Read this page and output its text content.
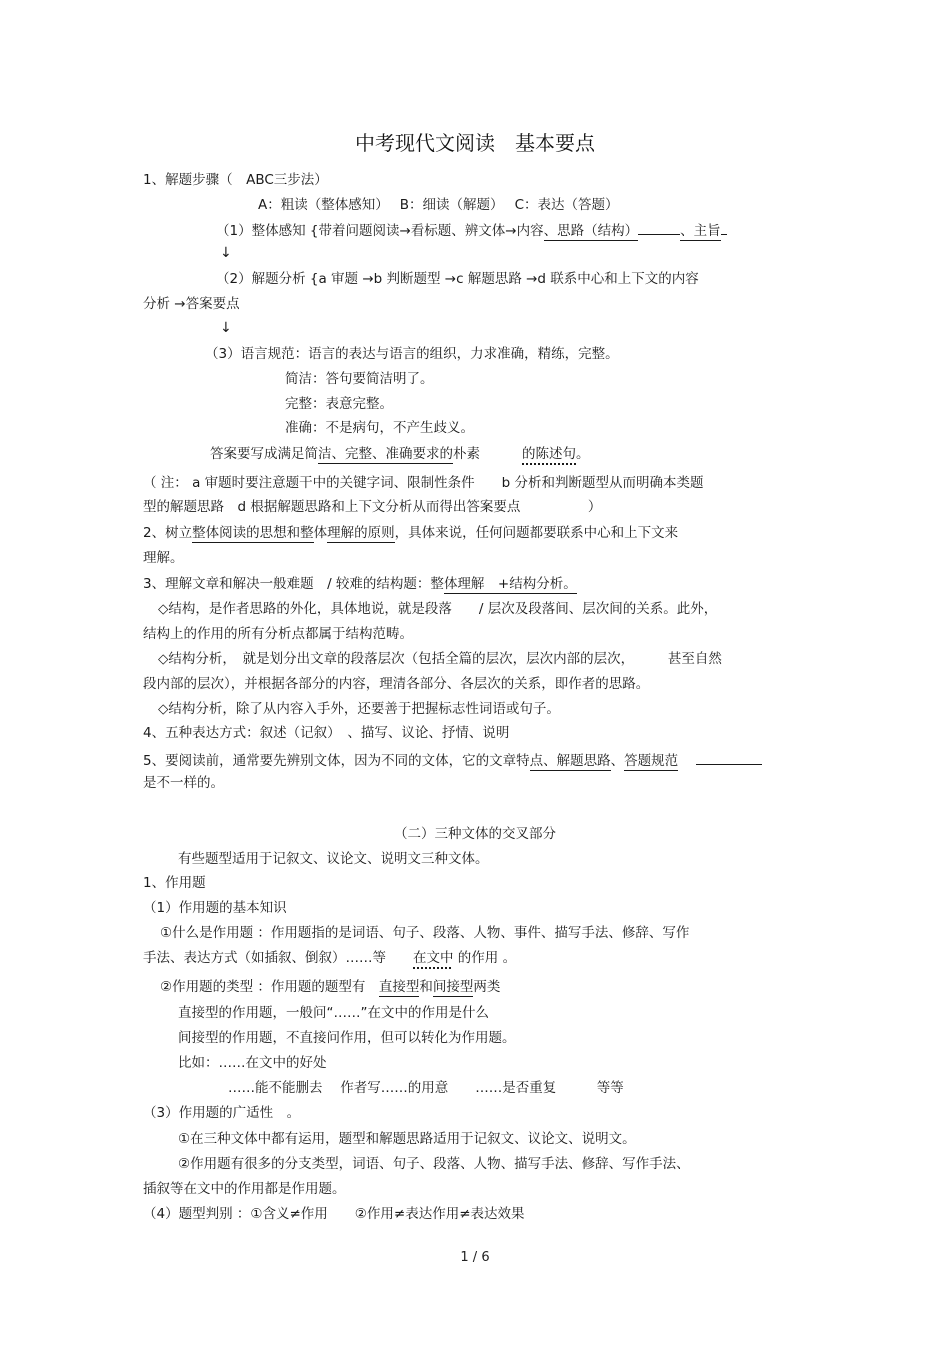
中考现代文阅读　基本要点
1、解题步骤（　ABC三步法）
A：粗读（整体感知）　 B：细读（解题）　 C：表达（答题）
（1）整体感知 {带着问题阅读→看标题、辨文体→内容、思路（结构）	、主旨
↓
（2）解题分析 {a 审题 →b 判断题型 →c 解题思路 →d 联系中心和上下文的内容
分析 →答案要点
↓
（3）语言规范：语言的表达与语言的组织，力求准确，精练，完整。
简洁：答句要简洁明了。
完整：表意完整。
准确：不是病句，不产生歧义。
答案要写成满足简洁、完整、准确要求的朴素	的陈述句。
（ 注： a 审题时要注意题干中的关键字词、限制性条件　　b 分析和判断题型从而明确本类题
型的解题思路　d 根据解题思路和上下文分析从而得出答案要点　　　　　）
2、树立整体阅读的思想和整体理解的原则，具体来说，任何问题都要联系中心和上下文来
理解。
3、理解文章和解决一般难题　/ 较难的结构题：整体理解　+结构分析。
◇结构，是作者思路的外化，具体地说，就是段落　　/ 层次及段落间、层次间的关系。此外，
结构上的作用的所有分析点都属于结构范畴。
◇结构分析，　就是划分出文章的段落层次（包括全篇的层次，层次内部的层次，　　　甚至自然
段内部的层次），并根据各部分的内容，理清各部分、各层次的关系，即作者的思路。
◇结构分析，除了从内容入手外，还要善于把握标志性词语或句子。
4、五种表达方式：叙述（记叙）　、描写、议论、抒情、说明
5、要阅读前，通常要先辨别文体，因为不同的文体，它的文章特点、解题思路、答题规范
是不一样的。
（二）三种文体的交叉部分
有些题型适用于记叙文、议论文、说明文三种文体。
1、作用题
（1）作用题的基本知识
①什么是作用题 ：作用题指的是词语、句子、段落、人物、事件、描写手法、修辞、写作
手法、表达方式（如插叙、倒叙）……等　　在文中 的作用 。
②作用题的类型 ：作用题的题型有　直接型和间接型两类
直接型的作用题，一般问“……”在文中的作用是什么
间接型的作用题，不直接问作用，但可以转化为作用题。
比如：……在文中的好处
……能不能删去　 作者写……的用意　　……是否重复　　　等等
（3）作用题的广适性　。
①在三种文体中都有运用，题型和解题思路适用于记叙文、议论文、说明文。
②作用题有很多的分支类型，词语、句子、段落、人物、描写手法、修辞、写作手法、
插叙等在文中的作用都是作用题。
（4）题型判别 ：①含义≠作用　　②作用≠表达作用≠表达效果
1 / 6
